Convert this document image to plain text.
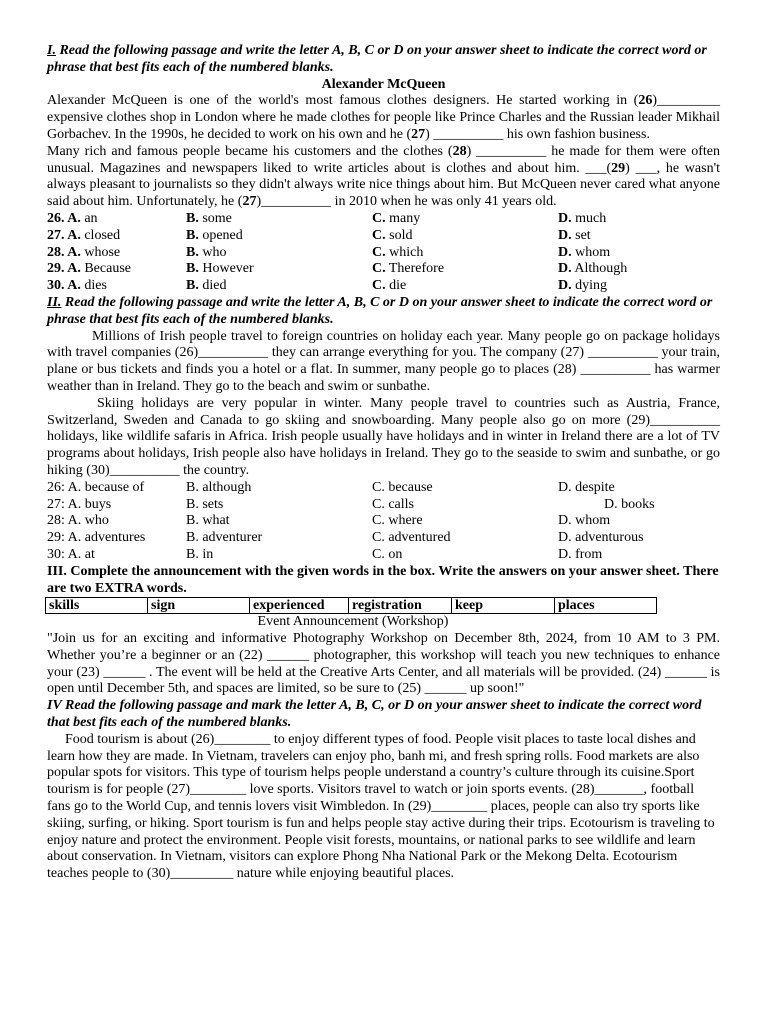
I. Read the following passage and write the letter A, B, C or D on your answer sheet to indicate the correct word or phrase that best fits each of the numbered blanks.

Alexander McQueen

Alexander McQueen is one of the world's most famous clothes designers. He started working in (26)_________ expensive clothes shop in London where he made clothes for people like Prince Charles and the Russian leader Mikhail Gorbachev. In the 1990s, he decided to work on his own and he (27) __________ his own fashion business.

Many rich and famous people became his customers and the clothes (28) __________ he made for them were often unusual. Magazines and newspapers liked to write articles about is clothes and about him. ___(29) ___, he wasn't always pleasant to journalists so they didn't always write nice things about him. But McQueen never cared what anyone said about him. Unfortunately, he (27)__________ in 2010 when he was only 41 years old.

26. A. an	B. some	C. many	D. much
27. A. closed	B. opened	C. sold	D. set
28. A. whose	B. who	C. which	D. whom
29. A. Because	B. However	C. Therefore	D. Although
30. A. dies	B. died	C. die	D. dying

II. Read the following passage and write the letter A, B, C or D on your answer sheet to indicate the correct word or phrase that best fits each of the numbered blanks.

Millions of Irish people travel to foreign countries on holiday each year. Many people go on package holidays with travel companies (26)__________ they can arrange everything for you. The company (27) __________ your train, plane or bus tickets and finds you a hotel or a flat. In summer, many people go to places (28) __________ has warmer weather than in Ireland. They go to the beach and swim or sunbathe.

Skiing holidays are very popular in winter. Many people travel to countries such as Austria, France, Switzerland, Sweden and Canada to go skiing and snowboarding. Many people also go on more (29)__________ holidays, like wildlife safaris in Africa. Irish people usually have holidays and in winter in Ireland there are a lot of TV programs about holidays, Irish people also have holidays in Ireland. They go to the seaside to swim and sunbathe, or go hiking (30)__________ the country.

26: A. because of	B. although	C. because	D. despite
27: A. buys	B. sets	C. calls	D. books
28: A. who	B. what	C. where	D. whom
29: A. adventures	B. adventurer	C. adventured	D. adventurous
30: A. at	B. in	C. on	D. from

III. Complete the announcement with the given words in the box. Write the answers on your answer sheet. There are two EXTRA words.

skills	sign	experienced	registration	keep	places

Event Announcement (Workshop)

"Join us for an exciting and informative Photography Workshop on December 8th, 2024, from 10 AM to 3 PM. Whether you’re a beginner or an (22) ______ photographer, this workshop will teach you new techniques to enhance your (23) ______ . The event will be held at the Creative Arts Center, and all materials will be provided. (24) ______ is open until December 5th, and spaces are limited, so be sure to (25) ______ up soon!"

IV Read the following passage and mark the letter A, B, C, or D on your answer sheet to indicate the correct word that best fits each of the numbered blanks.

Food tourism is about (26)________ to enjoy different types of food. People visit places to taste local dishes and learn how they are made. In Vietnam, travelers can enjoy pho, banh mi, and fresh spring rolls. Food markets are also popular spots for visitors. This type of tourism helps people understand a country’s culture through its cuisine.Sport tourism is for people (27)________ love sports. Visitors travel to watch or join sports events. (28)_______, football fans go to the World Cup, and tennis lovers visit Wimbledon. In (29)________ places, people can also try sports like skiing, surfing, or hiking. Sport tourism is fun and helps people stay active during their trips. Ecotourism is traveling to enjoy nature and protect the environment. People visit forests, mountains, or national parks to see wildlife and learn about conservation. In Vietnam, visitors can explore Phong Nha National Park or the Mekong Delta. Ecotourism teaches people to (30)_________ nature while enjoying beautiful places.
